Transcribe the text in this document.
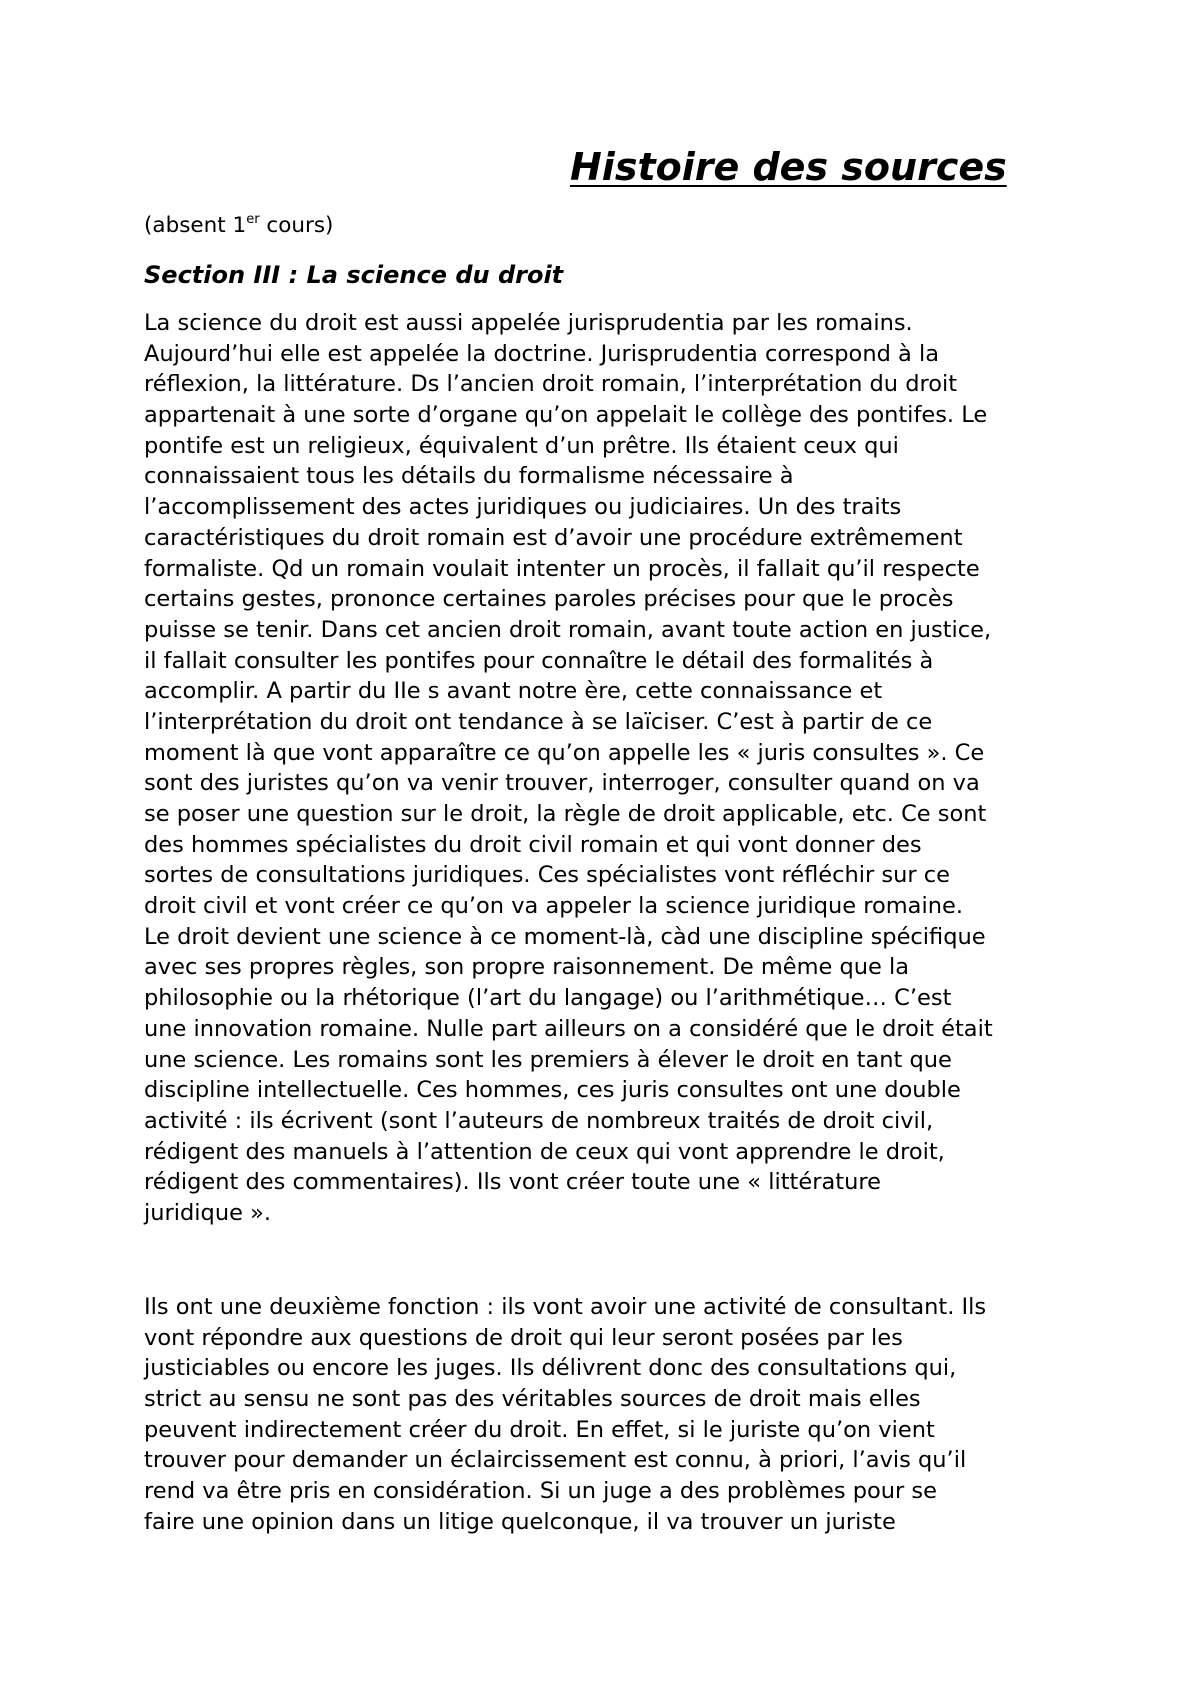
Histoire des sources

(absent 1er cours)

Section III : La science du droit
La science du droit est aussi appelée jurisprudentia par les romains.
Aujourd’hui elle est appelée la doctrine. Jurisprudentia correspond à la
réflexion, la littérature. Ds l’ancien droit romain, l’interprétation du droit
appartenait à une sorte d’organe qu’on appelait le collège des pontifes. Le
pontife est un religieux, équivalent d’un prêtre. Ils étaient ceux qui
connaissaient tous les détails du formalisme nécessaire à
l’accomplissement des actes juridiques ou judiciaires. Un des traits
caractéristiques du droit romain est d’avoir une procédure extrêmement
formaliste. Qd un romain voulait intenter un procès, il fallait qu’il respecte
certains gestes, prononce certaines paroles précises pour que le procès
puisse se tenir. Dans cet ancien droit romain, avant toute action en justice,
il fallait consulter les pontifes pour connaître le détail des formalités à
accomplir. A partir du IIe s avant notre ère, cette connaissance et
l’interprétation du droit ont tendance à se laïciser. C’est à partir de ce
moment là que vont apparaître ce qu’on appelle les « juris consultes ». Ce
sont des juristes qu’on va venir trouver, interroger, consulter quand on va
se poser une question sur le droit, la règle de droit applicable, etc. Ce sont
des hommes spécialistes du droit civil romain et qui vont donner des
sortes de consultations juridiques. Ces spécialistes vont réfléchir sur ce
droit civil et vont créer ce qu’on va appeler la science juridique romaine.
Le droit devient une science à ce moment-là, càd une discipline spécifique
avec ses propres règles, son propre raisonnement. De même que la
philosophie ou la rhétorique (l’art du langage) ou l’arithmétique… C’est
une innovation romaine. Nulle part ailleurs on a considéré que le droit était
une science. Les romains sont les premiers à élever le droit en tant que
discipline intellectuelle. Ces hommes, ces juris consultes ont une double
activité : ils écrivent (sont l’auteurs de nombreux traités de droit civil,
rédigent des manuels à l’attention de ceux qui vont apprendre le droit,
rédigent des commentaires). Ils vont créer toute une « littérature
juridique ».
Ils ont une deuxième fonction : ils vont avoir une activité de consultant. Ils
vont répondre aux questions de droit qui leur seront posées par les
justiciables ou encore les juges. Ils délivrent donc des consultations qui,
strict au sensu ne sont pas des véritables sources de droit mais elles
peuvent indirectement créer du droit. En effet, si le juriste qu’on vient
trouver pour demander un éclaircissement est connu, à priori, l’avis qu’il
rend va être pris en considération. Si un juge a des problèmes pour se
faire une opinion dans un litige quelconque, il va trouver un juriste
